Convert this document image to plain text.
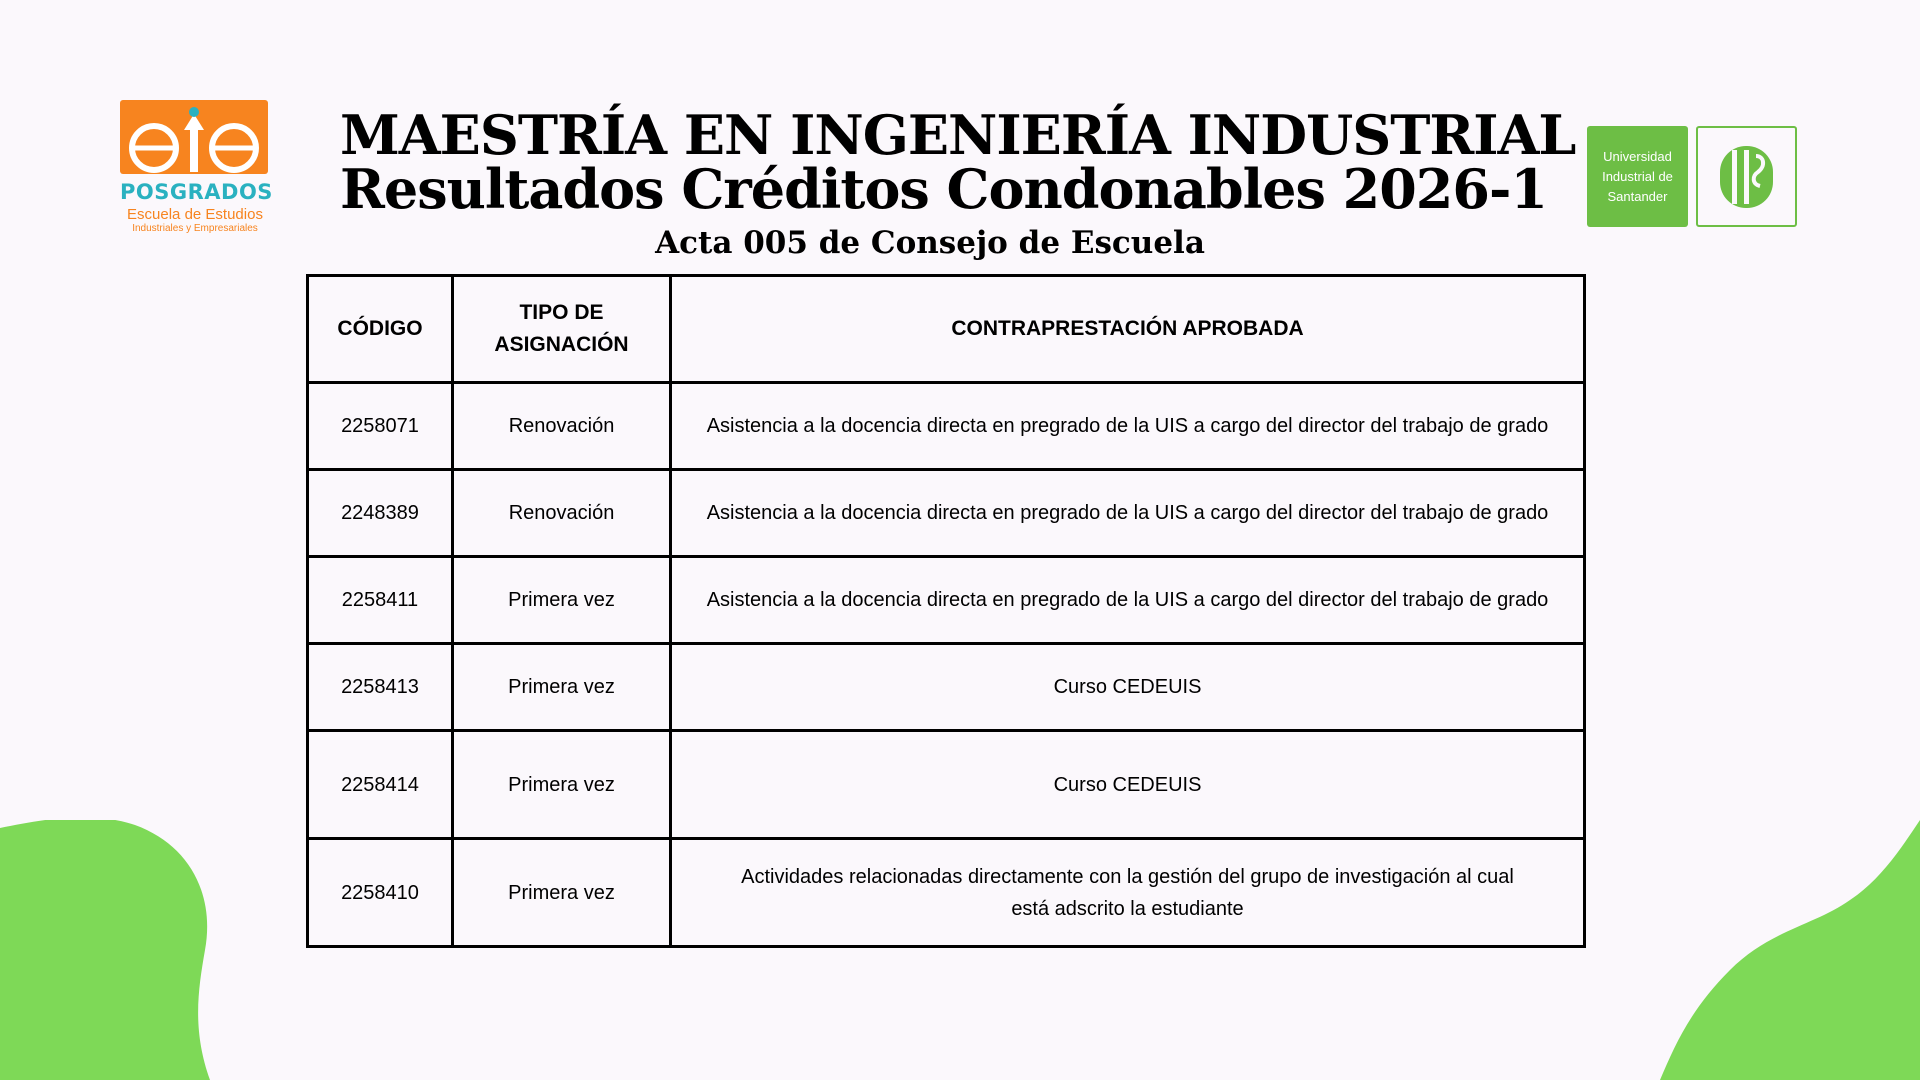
POSGRADOS
Escuela de Estudios
Industriales y Empresariales
MAESTRÍA EN INGENIERÍA INDUSTRIAL
Resultados Créditos Condonables 2026-1
Acta 005 de Consejo de Escuela
Universidad
Industrial de
Santander
CÓDIGO	TIPO DE ASIGNACIÓN	CONTRAPRESTACIÓN APROBADA
2258071	Renovación	Asistencia a la docencia directa en pregrado de la UIS a cargo del director del trabajo de grado
2248389	Renovación	Asistencia a la docencia directa en pregrado de la UIS a cargo del director del trabajo de grado
2258411	Primera vez	Asistencia a la docencia directa en pregrado de la UIS a cargo del director del trabajo de grado
2258413	Primera vez	Curso CEDEUIS
2258414	Primera vez	Curso CEDEUIS
2258410	Primera vez	Actividades relacionadas directamente con la gestión del grupo de investigación al cual está adscrito la estudiante
